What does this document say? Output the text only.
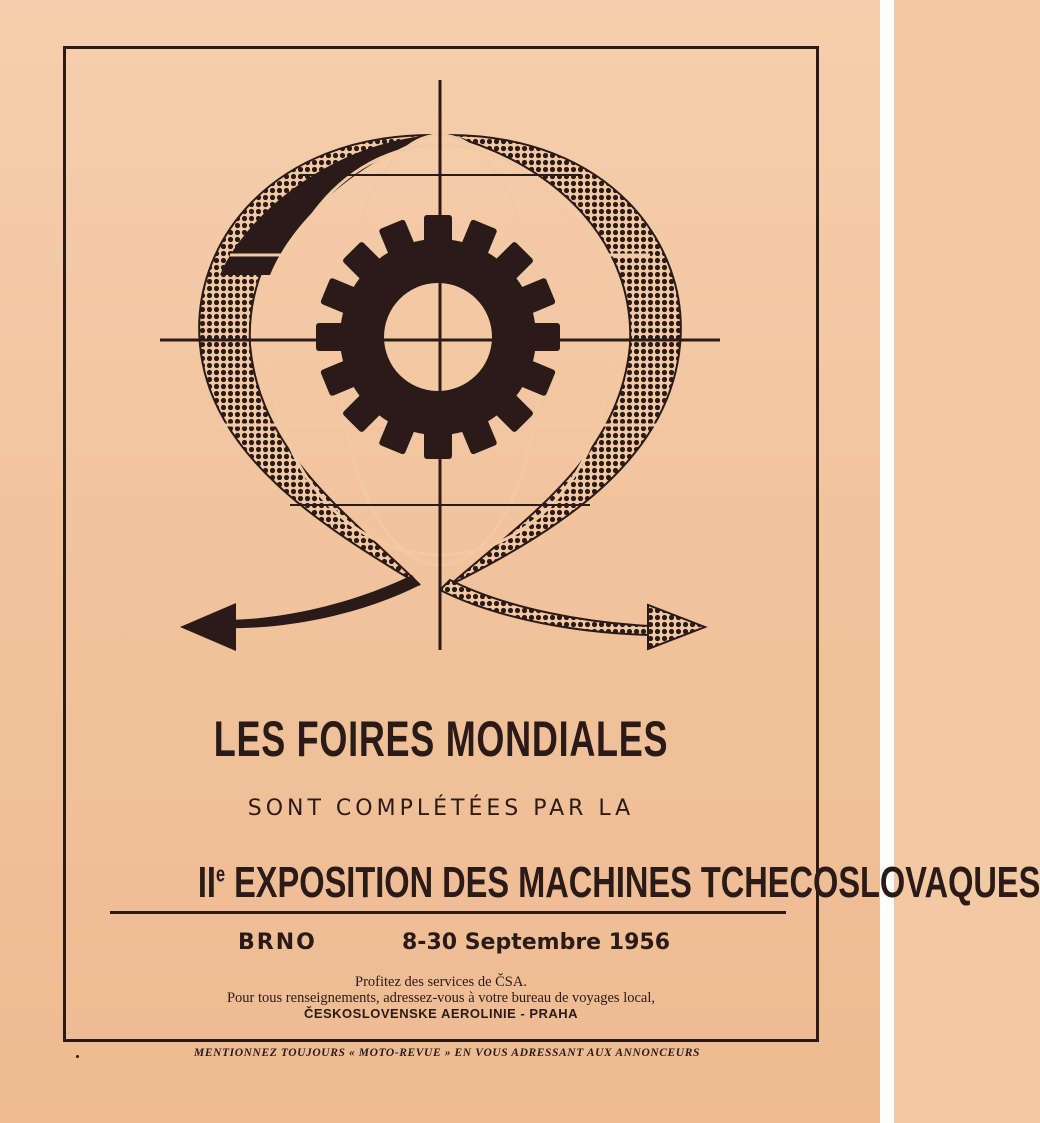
LES FOIRES MONDIALES
SONT COMPLÉTÉES PAR LA
IIe EXPOSITION DES MACHINES TCHECOSLOVAQUES
BRNO	8-30 Septembre 1956
Profitez des services de ČSA.
Pour tous renseignements, adressez-vous à votre bureau de voyages local,
ČESKOSLOVENSKE AEROLINIE - PRAHA
MENTIONNEZ TOUJOURS « MOTO-REVUE » EN VOUS ADRESSANT AUX ANNONCEURS
